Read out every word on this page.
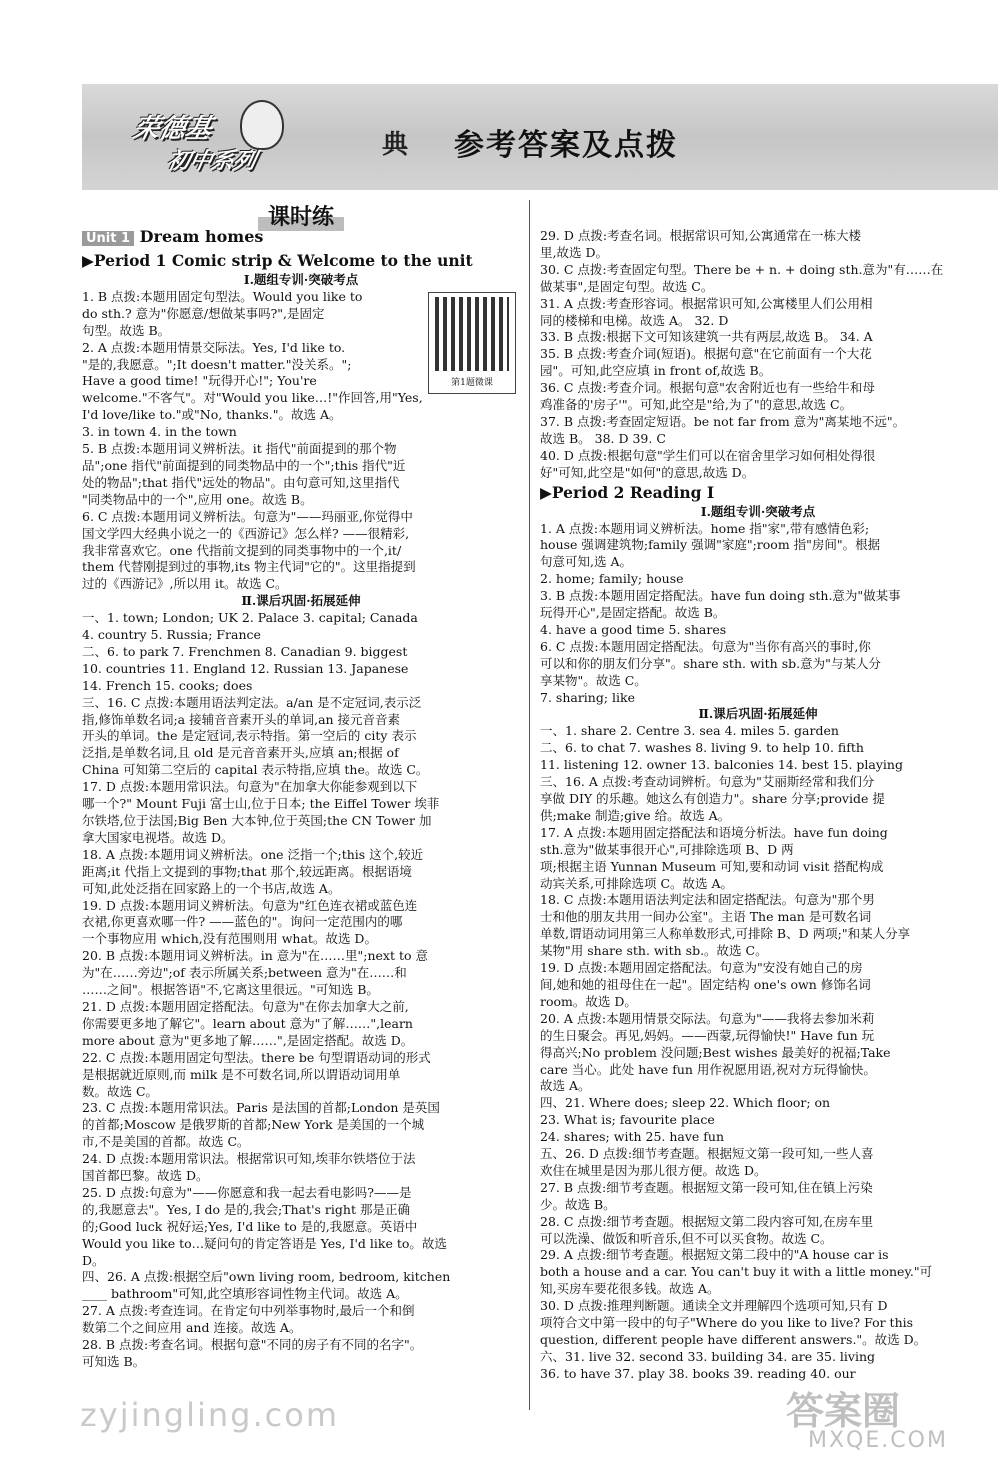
荣德基
初中系列
典 参考答案及点拨
课时练

Unit 1 Dream homes

▶Period 1 Comic strip & Welcome to the unit

Ⅰ.题组专训·突破考点

1. B 点拨:本题用固定句型法。Would you like to

do sth.? 意为"你愿意/想做某事吗?",是固定

句型。故选 B。

2. A 点拨:本题用情景交际法。Yes, I'd like to.

"是的,我愿意。";It doesn't matter."没关系。";

Have a good time! "玩得开心!"; You're

welcome."不客气"。对"Would you like…!"作回答,用"Yes,

I'd love/like to."或"No, thanks."。故选 A。

3. in town 4. in the town

5. B 点拨:本题用词义辨析法。it 指代"前面提到的那个物

品";one 指代"前面提到的同类物品中的一个";this 指代"近

处的物品";that 指代"远处的物品"。由句意可知,这里指代

"同类物品中的一个",应用 one。故选 B。

6. C 点拨:本题用词义辨析法。句意为"——玛丽亚,你觉得中

国文学四大经典小说之一的《西游记》怎么样? ——很精彩,

我非常喜欢它。one 代指前文提到的同类事物中的一个,it/

them 代替刚提到过的事物,its 物主代词"它的"。这里指提到

过的《西游记》,所以用 it。故选 C。

Ⅱ.课后巩固·拓展延伸

一、1. town; London; UK 2. Palace 3. capital; Canada

4. country 5. Russia; France

二、6. to park 7. Frenchmen 8. Canadian 9. biggest

10. countries 11. England 12. Russian 13. Japanese

14. French 15. cooks; does

三、16. C 点拨:本题用语法判定法。a/an 是不定冠词,表示泛

指,修饰单数名词;a 接辅音音素开头的单词,an 接元音音素

开头的单词。the 是定冠词,表示特指。第一空后的 city 表示

泛指,是单数名词,且 old 是元音音素开头,应填 an;根据 of

China 可知第二空后的 capital 表示特指,应填 the。故选 C。

17. D 点拨:本题用常识法。句意为"在加拿大你能参观到以下

哪一个?" Mount Fuji 富士山,位于日本; the Eiffel Tower 埃菲

尔铁塔,位于法国;Big Ben 大本钟,位于英国;the CN Tower 加

拿大国家电视塔。故选 D。

18. A 点拨:本题用词义辨析法。one 泛指一个;this 这个,较近

距离;it 代指上文提到的事物;that 那个,较远距离。根据语境

可知,此处泛指在回家路上的一个书店,故选 A。

19. D 点拨:本题用词义辨析法。句意为"红色连衣裙或蓝色连

衣裙,你更喜欢哪一件? ——蓝色的"。询问一定范围内的哪

一个事物应用 which,没有范围则用 what。故选 D。

20. B 点拨:本题用词义辨析法。in 意为"在……里";next to 意

为"在……旁边";of 表示所属关系;between 意为"在……和

……之间"。根据答语"不,它离这里很远。"可知选 B。

21. D 点拨:本题用固定搭配法。句意为"在你去加拿大之前,

你需要更多地了解它"。learn about 意为"了解……",learn

more about 意为"更多地了解……",是固定搭配。故选 D。

22. C 点拨:本题用固定句型法。there be 句型谓语动词的形式

是根据就近原则,而 milk 是不可数名词,所以谓语动词用单

数。故选 C。

23. C 点拨:本题用常识法。Paris 是法国的首都;London 是英国

的首都;Moscow 是俄罗斯的首都;New York 是美国的一个城

市,不是美国的首都。故选 C。

24. D 点拨:本题用常识法。根据常识可知,埃菲尔铁塔位于法

国首都巴黎。故选 D。

25. D 点拨:句意为"——你愿意和我一起去看电影吗?——是

的,我愿意去"。Yes, I do 是的,我会;That's right 那是正确

的;Good luck 祝好运;Yes, I'd like to 是的,我愿意。英语中

Would you like to…疑问句的肯定答语是 Yes, I'd like to。故选

D。

四、26. A 点拨:根据空后"own living room, bedroom, kitchen

____ bathroom"可知,此空填形容词性物主代词。故选 A。

27. A 点拨:考查连词。在肯定句中列举事物时,最后一个和倒

数第二个之间应用 and 连接。故选 A。

28. B 点拨:考查名词。根据句意"不同的房子有不同的名字"。

可知选 B。

29. D 点拨:考查名词。根据常识可知,公寓通常在一栋大楼

里,故选 D。

30. C 点拨:考查固定句型。There be + n. + doing sth.意为"有……在

做某事",是固定句型。故选 C。

31. A 点拨:考查形容词。根据常识可知,公寓楼里人们公用相

同的楼梯和电梯。故选 A。 32. D

33. B 点拨:根据下文可知该建筑一共有两层,故选 B。 34. A

35. B 点拨:考查介词(短语)。根据句意"在它前面有一个大花

园"。可知,此空应填 in front of,故选 B。

36. C 点拨:考查介词。根据句意"农舍附近也有一些给牛和母

鸡准备的'房子'"。可知,此空是"给,为了"的意思,故选 C。

37. B 点拨:考查固定短语。be not far from 意为"离某地不远"。

故选 B。 38. D 39. C

40. D 点拨:根据句意"学生们可以在宿舍里学习如何相处得很

好"可知,此空是"如何"的意思,故选 D。

▶Period 2 Reading Ⅰ

Ⅰ.题组专训·突破考点

1. A 点拨:本题用词义辨析法。home 指"家",带有感情色彩;

house 强调建筑物;family 强调"家庭";room 指"房间"。根据

句意可知,选 A。

2. home; family; house

3. B 点拨:本题用固定搭配法。have fun doing sth.意为"做某事

玩得开心",是固定搭配。故选 B。

4. have a good time 5. shares

6. C 点拨:本题用固定搭配法。句意为"当你有高兴的事时,你

可以和你的朋友们分享"。share sth. with sb.意为"与某人分

享某物"。故选 C。

7. sharing; like

Ⅱ.课后巩固·拓展延伸

一、1. share 2. Centre 3. sea 4. miles 5. garden

二、6. to chat 7. washes 8. living 9. to help 10. fifth

11. listening 12. owner 13. balconies 14. best 15. playing

三、16. A 点拨:考查动词辨析。句意为"艾丽斯经常和我们分

享做 DIY 的乐趣。她这么有创造力"。share 分享;provide 提

供;make 制造;give 给。故选 A。

17. A 点拨:本题用固定搭配法和语境分析法。have fun doing

sth.意为"做某事很开心",可排除选项 B、D 两

项;根据主语 Yunnan Museum 可知,要和动词 visit 搭配构成

动宾关系,可排除选项 C。故选 A。

18. C 点拨:本题用语法判定法和固定搭配法。句意为"那个男

士和他的朋友共用一间办公室"。主语 The man 是可数名词

单数,谓语动词用第三人称单数形式,可排除 B、D 两项;"和某人分享

某物"用 share sth. with sb.。故选 C。

19. D 点拨:本题用固定搭配法。句意为"安没有她自己的房

间,她和她的祖母住在一起"。固定结构 one's own 修饰名词

room。故选 D。

20. A 点拨:本题用情景交际法。句意为"——我将去参加米莉

的生日聚会。再见,妈妈。——西蒙,玩得愉快!" Have fun 玩

得高兴;No problem 没问题;Best wishes 最美好的祝福;Take

care 当心。此处 have fun 用作祝愿用语,祝对方玩得愉快。

故选 A。

四、21. Where does; sleep 22. Which floor; on

23. What is; favourite place

24. shares; with 25. have fun

五、26. D 点拨:细节考查题。根据短文第一段可知,一些人喜

欢住在城里是因为那儿很方便。故选 D。

27. B 点拨:细节考查题。根据短文第一段可知,住在镇上污染

少。故选 B。

28. C 点拨:细节考查题。根据短文第二段内容可知,在房车里

可以洗澡、做饭和听音乐,但不可以买食物。故选 C。

29. A 点拨:细节考查题。根据短文第二段中的"A house car is

both a house and a car. You can't buy it with a little money."可

知,买房车要花很多钱。故选 A。

30. D 点拨:推理判断题。通读全文并理解四个选项可知,只有 D

项符合文中第一段中的句子"Where do you like to live? For this

question, different people have different answers."。故选 D。

六、31. live 32. second 33. building 34. are 35. living

36. to have 37. play 38. books 39. reading 40. our

第1题微课
zyjingling.com	答案圈
MXQE.COM
